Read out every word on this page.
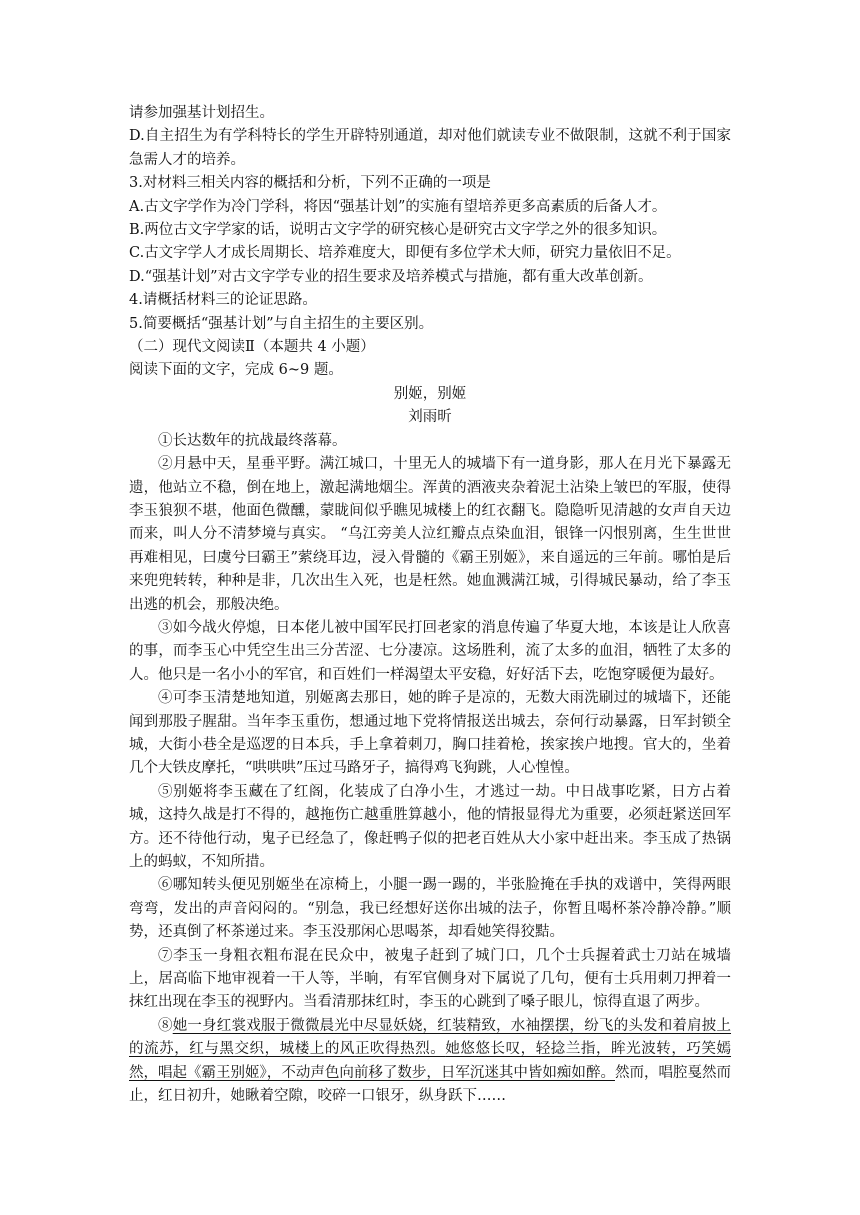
请参加强基计划招生。

D.自主招生为有学科特长的学生开辟特别通道，却对他们就读专业不做限制，这就不利于国家急需人才的培养。

3.对材料三相关内容的概括和分析，下列不正确的一项是
A.古文字学作为冷门学科，将因“强基计划”的实施有望培养更多高素质的后备人才。
B.两位古文字学家的话，说明古文字学的研究核心是研究古文字学之外的很多知识。
C.古文字学人才成长周期长、培养难度大，即便有多位学术大师，研究力量依旧不足。
D.“强基计划”对古文字学专业的招生要求及培养模式与措施，都有重大改革创新。
4.请概括材料三的论证思路。
5.简要概括“强基计划”与自主招生的主要区别。
（二）现代文阅读Ⅱ（本题共 4 小题）
阅读下面的文字，完成 6~9 题。
别姬，别姬
刘雨昕

①长达数年的抗战最终落幕。

②月悬中天，星垂平野。满江城口，十里无人的城墙下有一道身影，那人在月光下暴露无遗，他站立不稳，倒在地上，激起满地烟尘。浑黄的酒液夹杂着泥土沾染上皱巴的军服，使得李玉狼狈不堪，他面色微醺，蒙眬间似乎瞧见城楼上的红衣翻飞。隐隐听见清越的女声自天边而来，叫人分不清梦境与真实。 “乌江旁美人泣红瓣点点染血泪，银锋一闪恨别离，生生世世再难相见，曰虞兮曰霸王”萦绕耳边，浸入骨髓的《霸王别姬》，来自遥远的三年前。哪怕是后来兜兜转转，种种是非，几次出生入死，也是枉然。她血溅满江城，引得城民暴动，给了李玉出逃的机会，那般决绝。

③如今战火停熄，日本佬儿被中国军民打回老家的消息传遍了华夏大地，本该是让人欣喜的事，而李玉心中凭空生出三分苦涩、七分凄凉。这场胜利，流了太多的血泪，牺牲了太多的人。他只是一名小小的军官，和百姓们一样渴望太平安稳，好好活下去，吃饱穿暖便为最好。

④可李玉清楚地知道，别姬离去那日，她的眸子是凉的，无数大雨洗刷过的城墙下，还能闻到那股子腥甜。当年李玉重伤，想通过地下党将情报送出城去，奈何行动暴露，日军封锁全城，大街小巷全是巡逻的日本兵，手上拿着刺刀，胸口挂着枪，挨家挨户地搜。官大的，坐着几个大铁皮摩托，“哄哄哄”压过马路牙子，搞得鸡飞狗跳，人心惶惶。

⑤别姬将李玉藏在了红阁，化装成了白净小生，才逃过一劫。中日战事吃紧，日方占着城，这持久战是打不得的，越拖伤亡越重胜算越小，他的情报显得尤为重要，必须赶紧送回军方。还不待他行动，鬼子已经急了，像赶鸭子似的把老百姓从大小家中赶出来。李玉成了热锅上的蚂蚁，不知所措。

⑥哪知转头便见别姬坐在凉椅上，小腿一踢一踢的，半张脸掩在手执的戏谱中，笑得两眼弯弯，发出的声音闷闷的。“别急，我已经想好送你出城的法子，你暂且喝杯茶冷静冷静。”顺势，还真倒了杯茶递过来。李玉没那闲心思喝茶，却看她笑得狡黠。

⑦李玉一身粗衣粗布混在民众中，被鬼子赶到了城门口，几个士兵握着武士刀站在城墙上，居高临下地审视着一干人等，半晌，有军官侧身对下属说了几句，便有士兵用刺刀押着一抹红出现在李玉的视野内。当看清那抹红时，李玉的心跳到了嗓子眼儿，惊得直退了两步。

⑧她一身红裳戏服于微微晨光中尽显妖娆，红装精致，水袖摆摆，纷飞的头发和着肩披上的流苏，红与黑交织，城楼上的风正吹得热烈。她悠悠长叹，轻捻兰指，眸光波转，巧笑嫣然，唱起《霸王别姬》，不动声色向前移了数步，日军沉迷其中皆如痴如醉。然而，唱腔戛然而止，红日初升，她瞅着空隙，咬碎一口银牙，纵身跃下……
